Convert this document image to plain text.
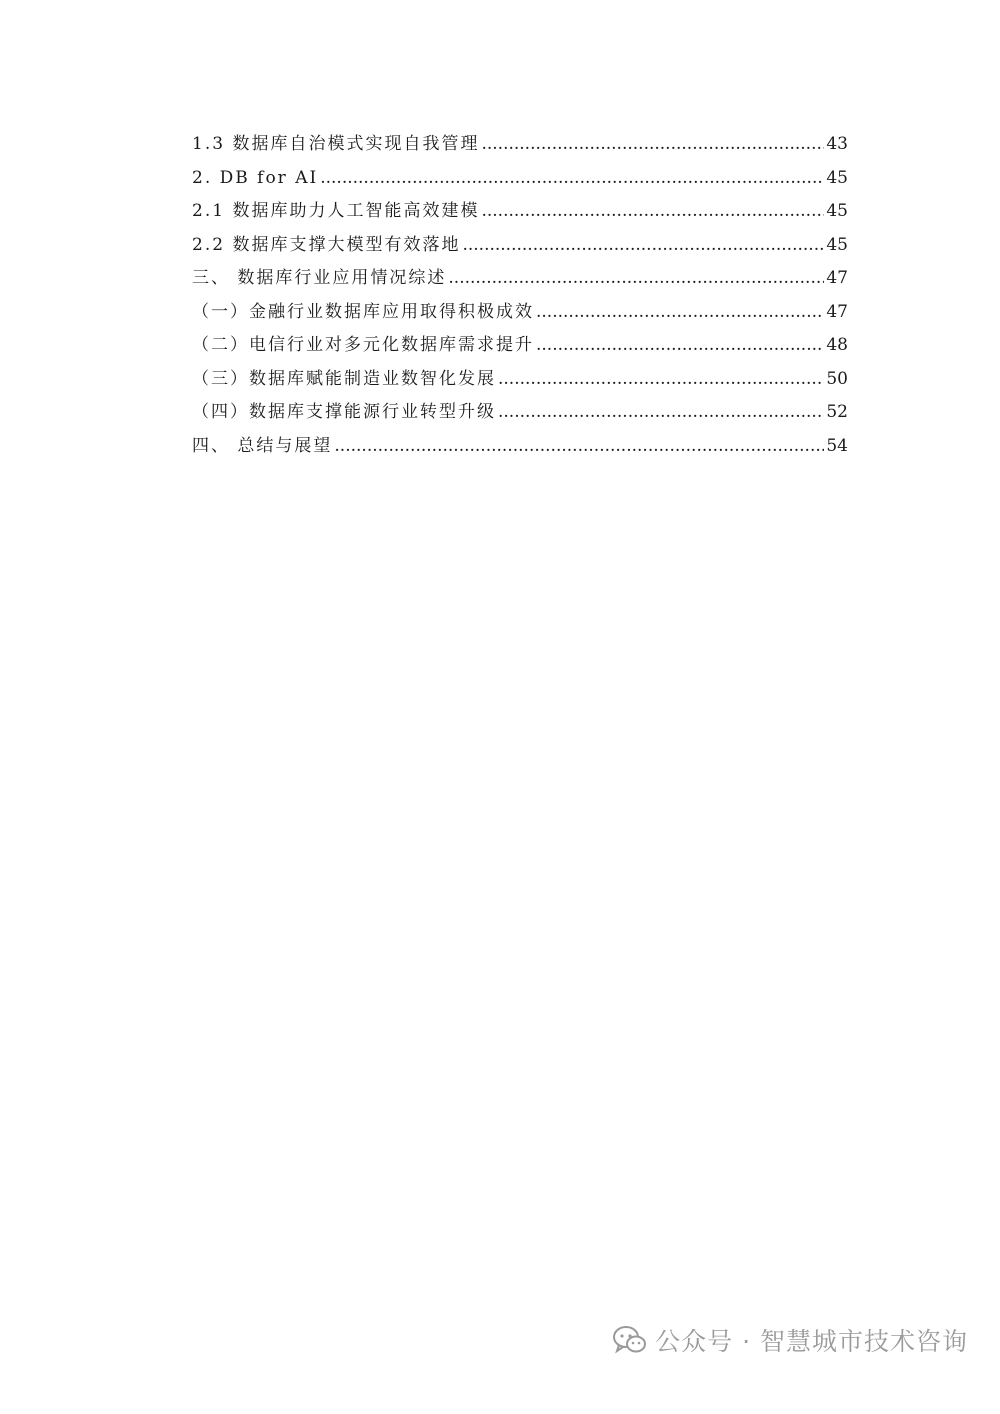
1.3 数据库自治模式实现自我管理 .....	43
2. DB for AI .....	45
2.1 数据库助力人工智能高效建模 .....	45
2.2 数据库支撑大模型有效落地 .....	45
三、 数据库行业应用情况综述 .....	47
（一）金融行业数据库应用取得积极成效 .....	47
（二）电信行业对多元化数据库需求提升 .....	48
（三）数据库赋能制造业数智化发展 .....	50
（四）数据库支撑能源行业转型升级 .....	52
四、 总结与展望 .....	54
公众号 · 智慧城市技术咨询
